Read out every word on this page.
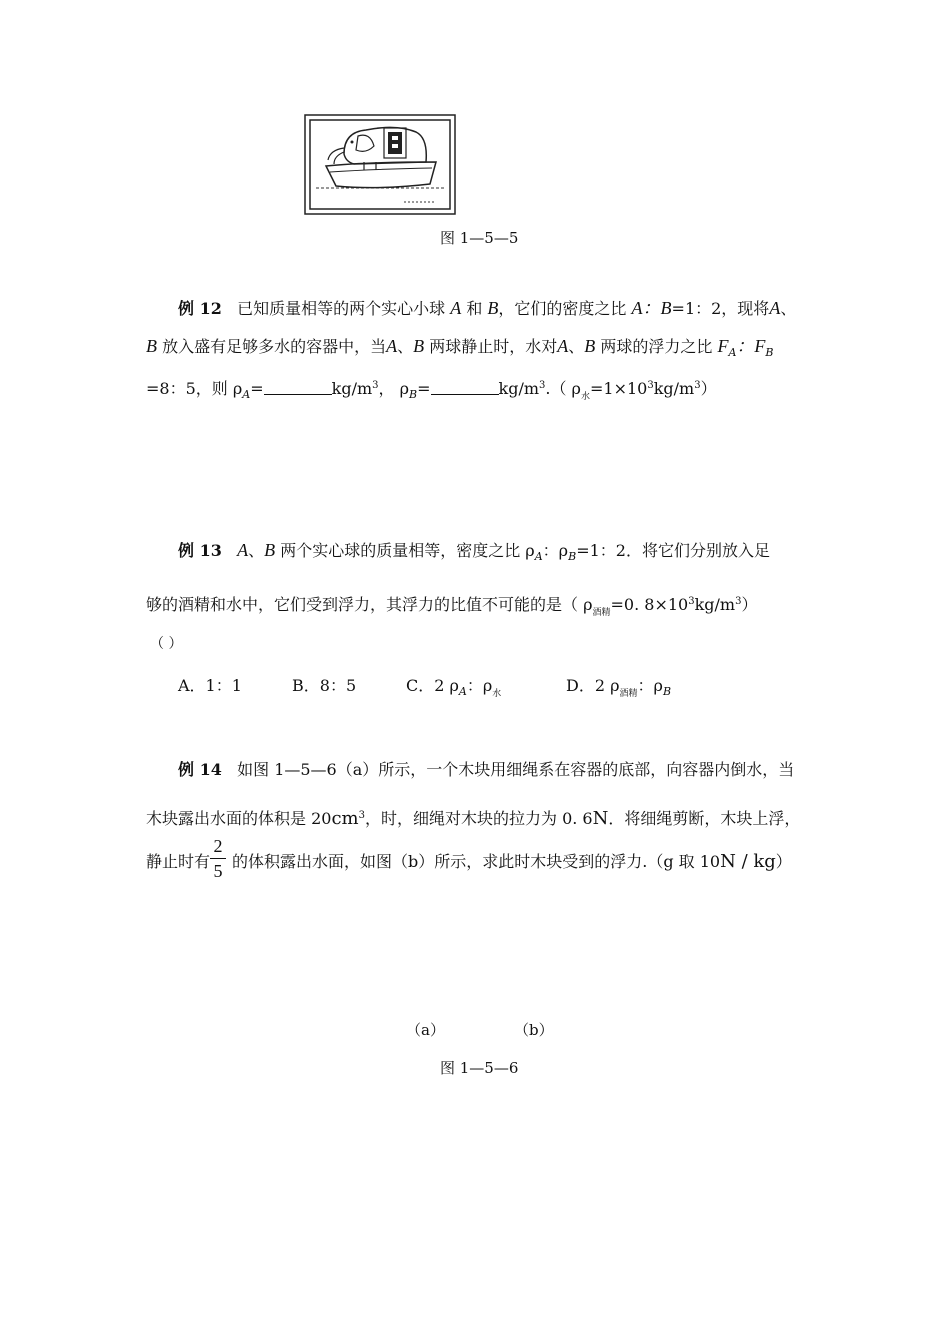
图 1—5—5
例 12 已知质量相等的两个实心小球 A 和 B，它们的密度之比 A：B=1：2，现将A、
B 放入盛有足够多水的容器中，当A、B 两球静止时，水对A、B 两球的浮力之比 $F_A$：$F_B$
=8：5，则 $\rho_A=$	$kg/m^3$， $\rho_B=$	$kg/m^3$.（ $\rho_水=1\times 10^3kg/m^3$）
例 13 A、B 两个实心球的质量相等，密度之比 $\rho_A$：$\rho_B=1$：2．将它们分别放入足
够的酒精和水中，它们受到浮力，其浮力的比值不可能的是（ $\rho_{酒精}=0$. $8\times 10^3kg/m^3$）
（ ）
A．1：1	B．8：5	C．2 $\rho_A$：$\rho_水$	D．2 $\rho_{酒精}$：$\rho_B$
例 14 如图 1—5—6（a）所示，一个木块用细绳系在容器的底部，向容器内倒水，当
木块露出水面的体积是 $20cm^3$，时，细绳对木块的拉力为 0. 6N．将细绳剪断，木块上浮，
静止时有
2
5 的体积露出水面，如图（b）所示，求此时木块受到的浮力.（g 取 10N / kg）
（a）	（b）
图 1—5—6
